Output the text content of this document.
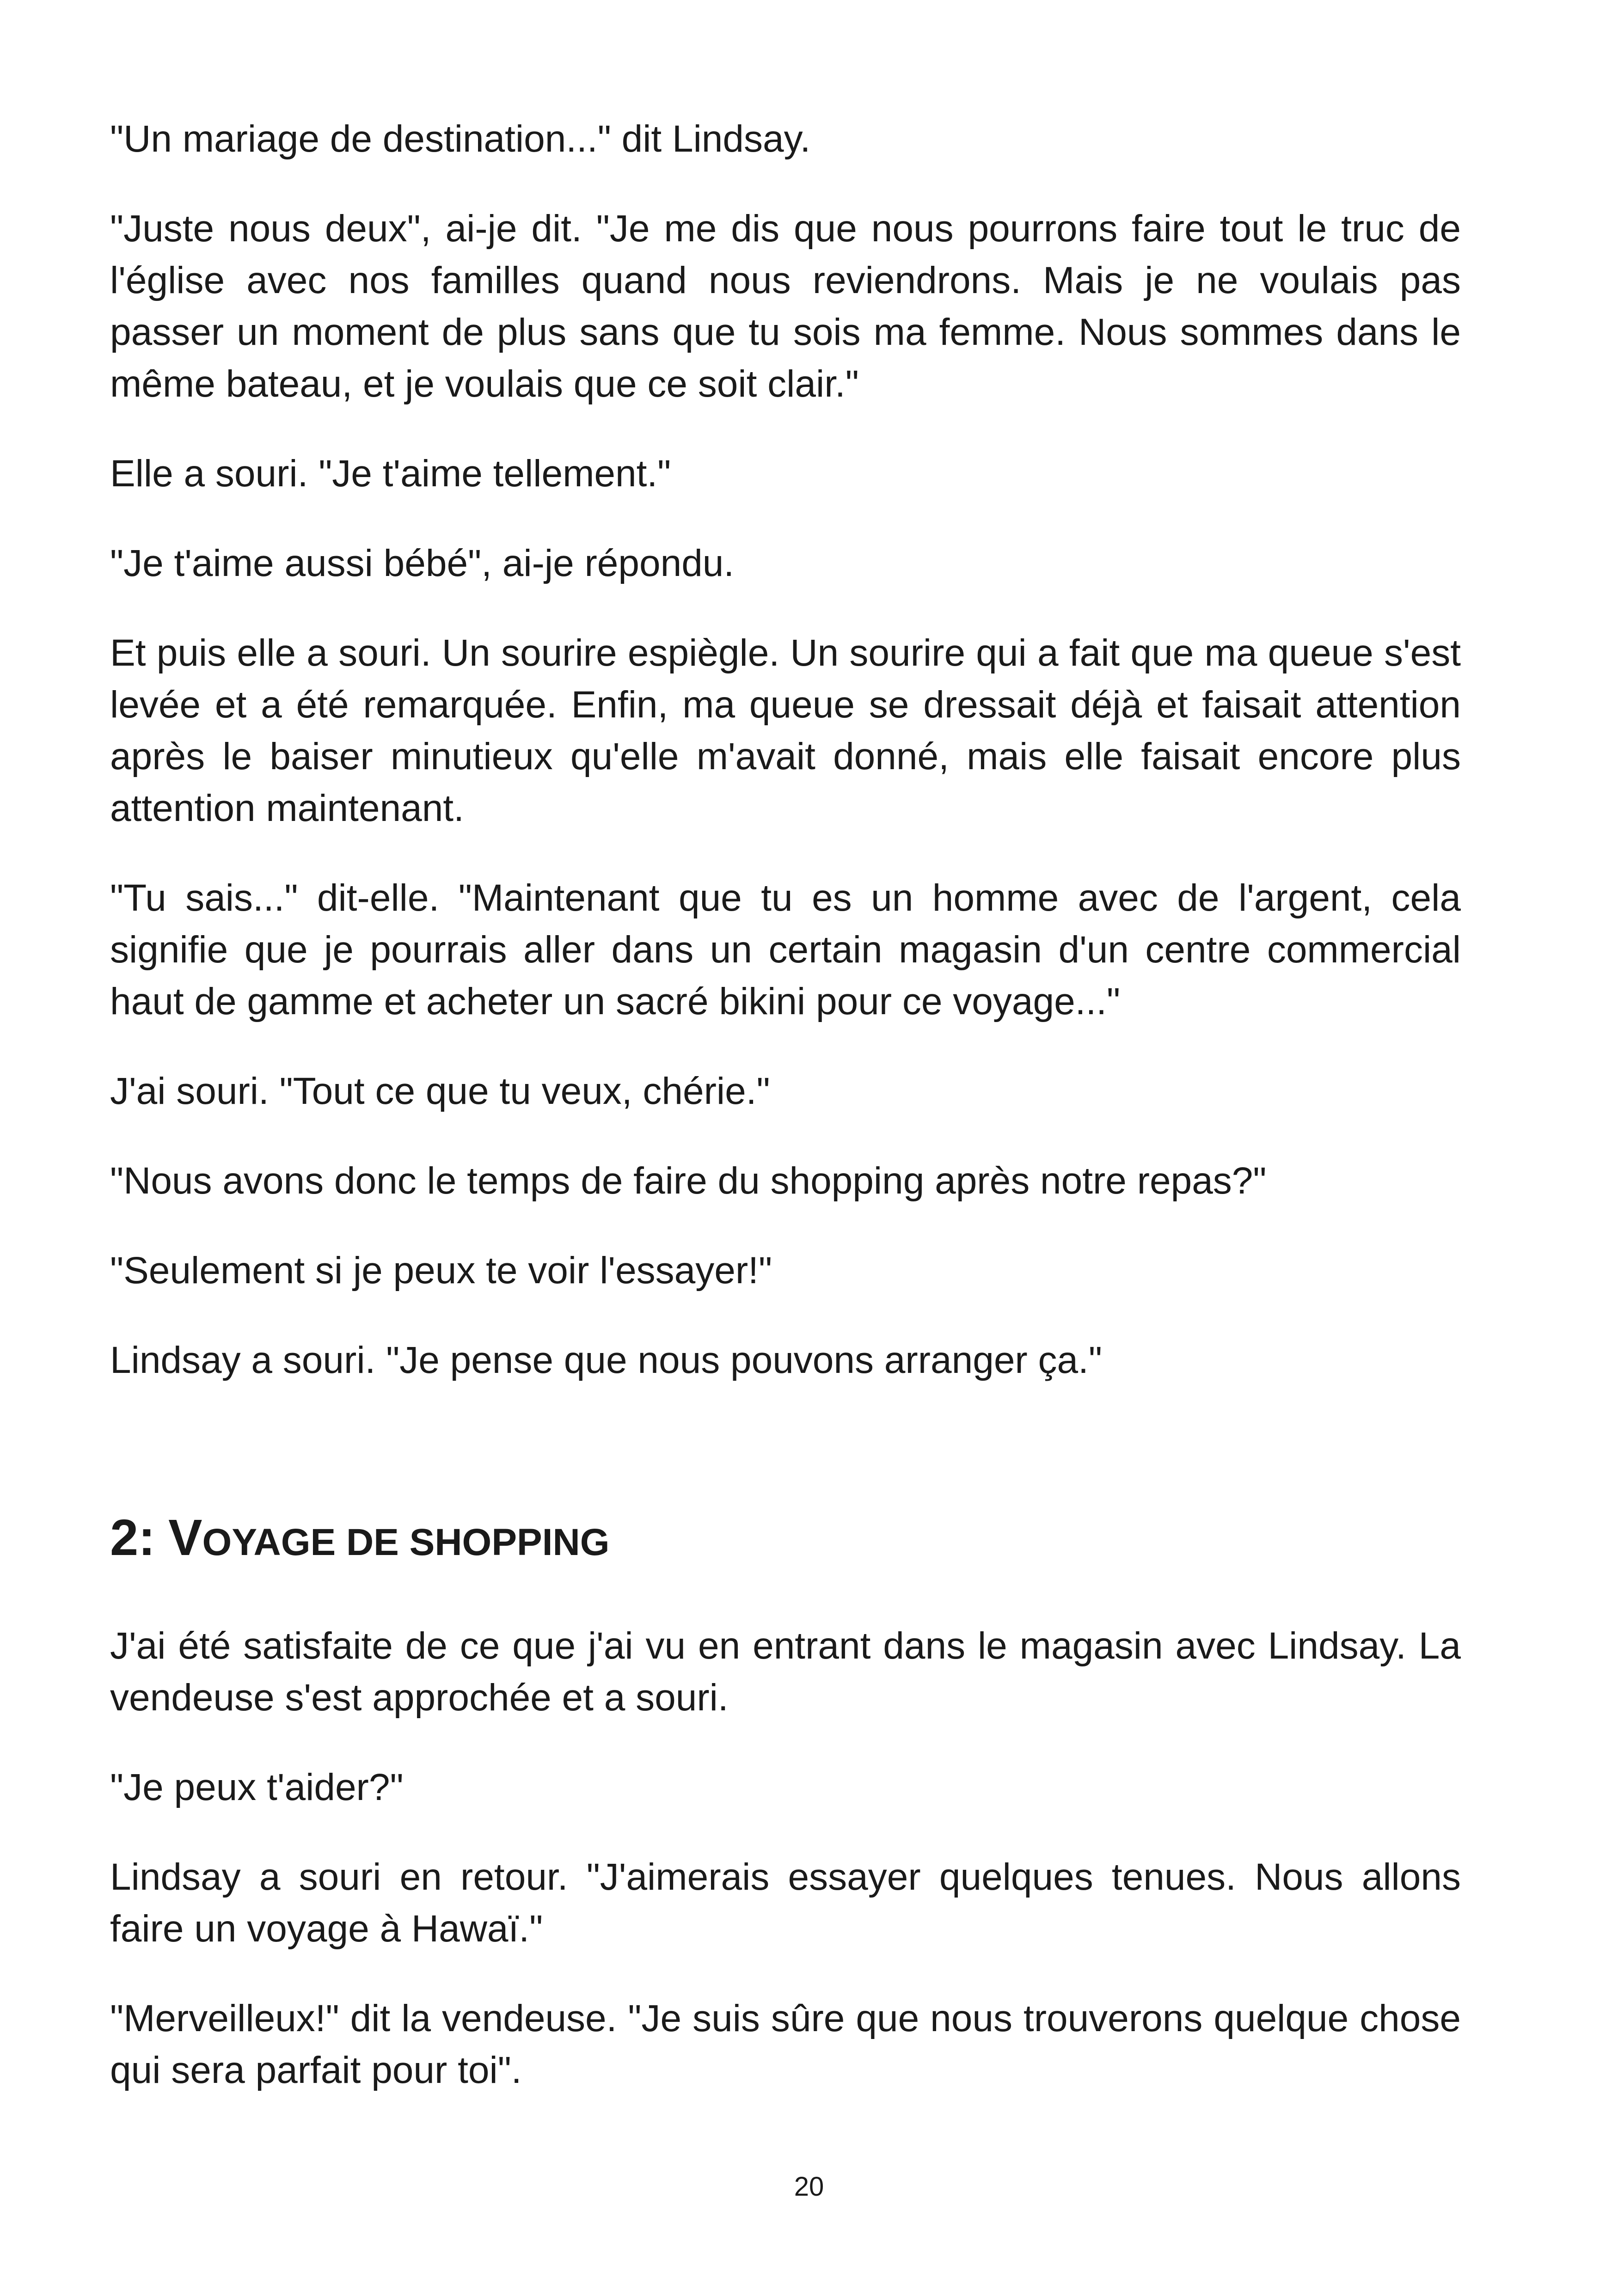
"Un mariage de destination..." dit Lindsay.

"Juste nous deux", ai-je dit. "Je me dis que nous pourrons faire tout le truc de l'église avec nos familles quand nous reviendrons. Mais je ne voulais pas passer un moment de plus sans que tu sois ma femme. Nous sommes dans le même bateau, et je voulais que ce soit clair."

Elle a souri. "Je t'aime tellement."

"Je t'aime aussi bébé", ai-je répondu.

Et puis elle a souri. Un sourire espiègle. Un sourire qui a fait que ma queue s'est levée et a été remarquée. Enfin, ma queue se dressait déjà et faisait attention après le baiser minutieux qu'elle m'avait donné, mais elle faisait encore plus attention maintenant.

"Tu sais..." dit-elle. "Maintenant que tu es un homme avec de l'argent, cela signifie que je pourrais aller dans un certain magasin d'un centre commercial haut de gamme et acheter un sacré bikini pour ce voyage..."

J'ai souri. "Tout ce que tu veux, chérie."

"Nous avons donc le temps de faire du shopping après notre repas?"

"Seulement si je peux te voir l'essayer!"

Lindsay a souri. "Je pense que nous pouvons arranger ça."

2: VOYAGE DE SHOPPING

J'ai été satisfaite de ce que j'ai vu en entrant dans le magasin avec Lindsay. La vendeuse s'est approchée et a souri.

"Je peux t'aider?"

Lindsay a souri en retour. "J'aimerais essayer quelques tenues. Nous allons faire un voyage à Hawaï."

"Merveilleux!" dit la vendeuse. "Je suis sûre que nous trouverons quelque chose qui sera parfait pour toi".

20
